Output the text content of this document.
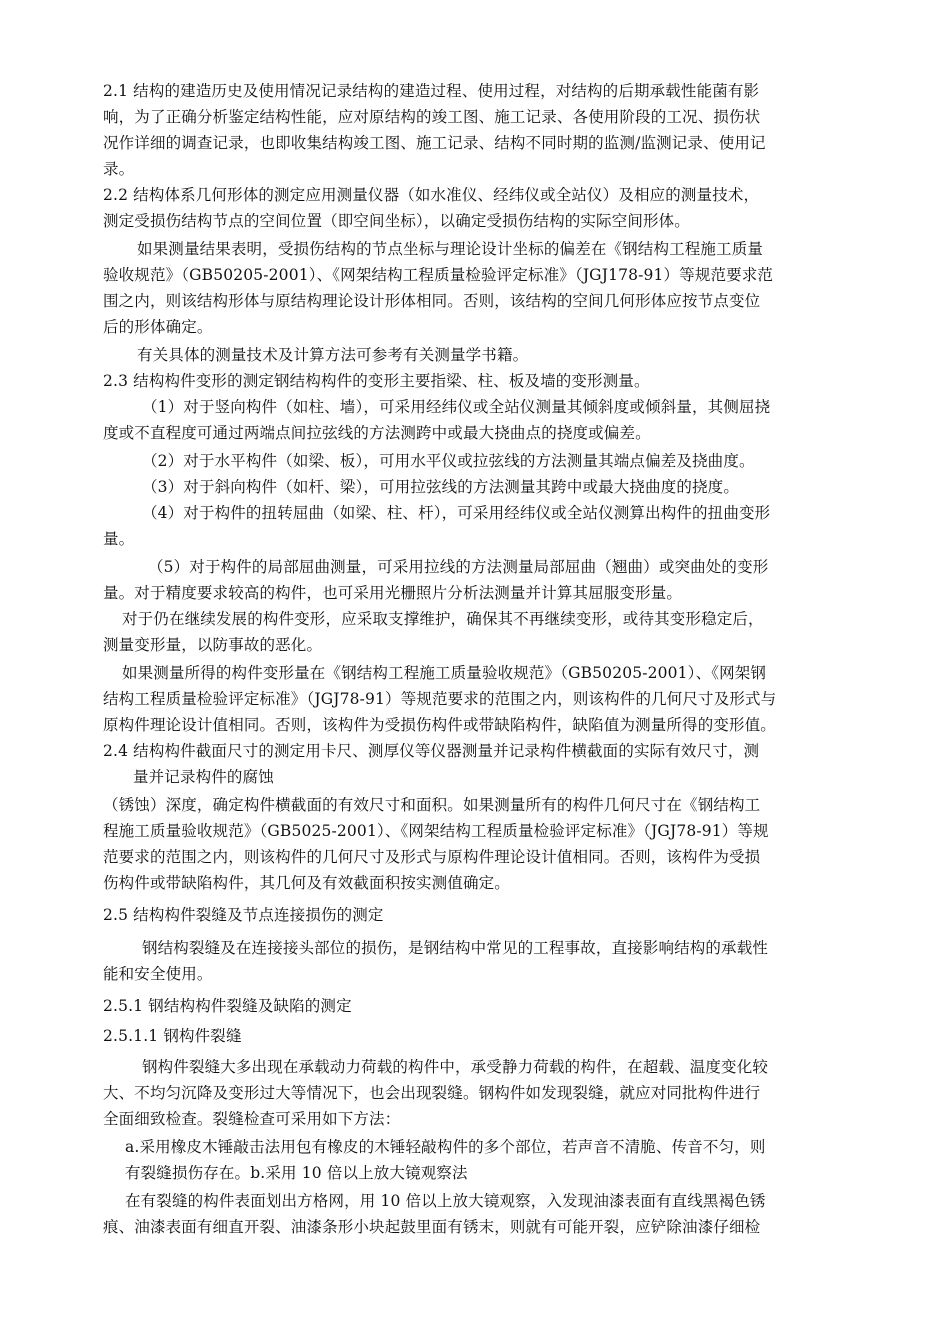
2.1 结构的建造历史及使用情况记录结构的建造过程、使用过程，对结构的后期承载性能菌有影
响，为了正确分析鉴定结构性能，应对原结构的竣工图、施工记录、各使用阶段的工况、损伤状
况作详细的调查记录，也即收集结构竣工图、施工记录、结构不同时期的监测/监测记录、使用记
录。
2.2 结构体系几何形体的测定应用测量仪器（如水准仪、经纬仪或全站仪）及相应的测量技术，
测定受损伤结构节点的空间位置（即空间坐标），以确定受损伤结构的实际空间形体。
如果测量结果表明，受损伤结构的节点坐标与理论设计坐标的偏差在《钢结构工程施工质量
验收规范》（GB50205-2001）、《网架结构工程质量检验评定标准》（JGJ178-91）等规范要求范
围之内，则该结构形体与原结构理论设计形体相同。否则，该结构的空间几何形体应按节点变位
后的形体确定。
有关具体的测量技术及计算方法可参考有关测量学书籍。
2.3 结构构件变形的测定钢结构构件的变形主要指梁、柱、板及墙的变形测量。
（1）对于竖向构件（如柱、墙），可采用经纬仪或全站仪测量其倾斜度或倾斜量，其侧屈挠
度或不直程度可通过两端点间拉弦线的方法测跨中或最大挠曲点的挠度或偏差。
（2）对于水平构件（如梁、板），可用水平仪或拉弦线的方法测量其端点偏差及挠曲度。
（3）对于斜向构件（如杆、梁），可用拉弦线的方法测量其跨中或最大挠曲度的挠度。
（4）对于构件的扭转屈曲（如梁、柱、杆），可采用经纬仪或全站仪测算出构件的扭曲变形
量。
（5）对于构件的局部屈曲测量，可采用拉线的方法测量局部屈曲（翘曲）或突曲处的变形
量。对于精度要求较高的构件，也可采用光栅照片分析法测量并计算其屈服变形量。
对于仍在继续发展的构件变形，应采取支撑维护，确保其不再继续变形，或待其变形稳定后，
测量变形量，以防事故的恶化。
如果测量所得的构件变形量在《钢结构工程施工质量验收规范》（GB50205-2001）、《网架钢
结构工程质量检验评定标准》（JGJ78-91）等规范要求的范围之内，则该构件的几何尺寸及形式与
原构件理论设计值相同。否则，该构件为受损伤构件或带缺陷构件，缺陷值为测量所得的变形值。
2.4 结构构件截面尺寸的测定用卡尺、测厚仪等仪器测量并记录构件横截面的实际有效尺寸，测
量并记录构件的腐蚀
（锈蚀）深度，确定构件横截面的有效尺寸和面积。如果测量所有的构件几何尺寸在《钢结构工
程施工质量验收规范》（GB5025-2001）、《网架结构工程质量检验评定标准》（JGJ78-91）等规
范要求的范围之内，则该构件的几何尺寸及形式与原构件理论设计值相同。否则，该构件为受损
伤构件或带缺陷构件，其几何及有效截面积按实测值确定。
2.5 结构构件裂缝及节点连接损伤的测定
钢结构裂缝及在连接接头部位的损伤，是钢结构中常见的工程事故，直接影响结构的承载性
能和安全使用。
2.5.1 钢结构构件裂缝及缺陷的测定
2.5.1.1 钢构件裂缝
钢构件裂缝大多出现在承载动力荷载的构件中，承受静力荷载的构件，在超载、温度变化较
大、不均匀沉降及变形过大等情况下，也会出现裂缝。钢构件如发现裂缝，就应对同批构件进行
全面细致检查。裂缝检查可采用如下方法：
a.采用橡皮木锤敲击法用包有橡皮的木锤轻敲构件的多个部位，若声音不清脆、传音不匀，则
有裂缝损伤存在。b.采用 10 倍以上放大镜观察法
在有裂缝的构件表面划出方格网，用 10 倍以上放大镜观察，入发现油漆表面有直线黑褐色锈
痕、油漆表面有细直开裂、油漆条形小块起鼓里面有锈末，则就有可能开裂，应铲除油漆仔细检
